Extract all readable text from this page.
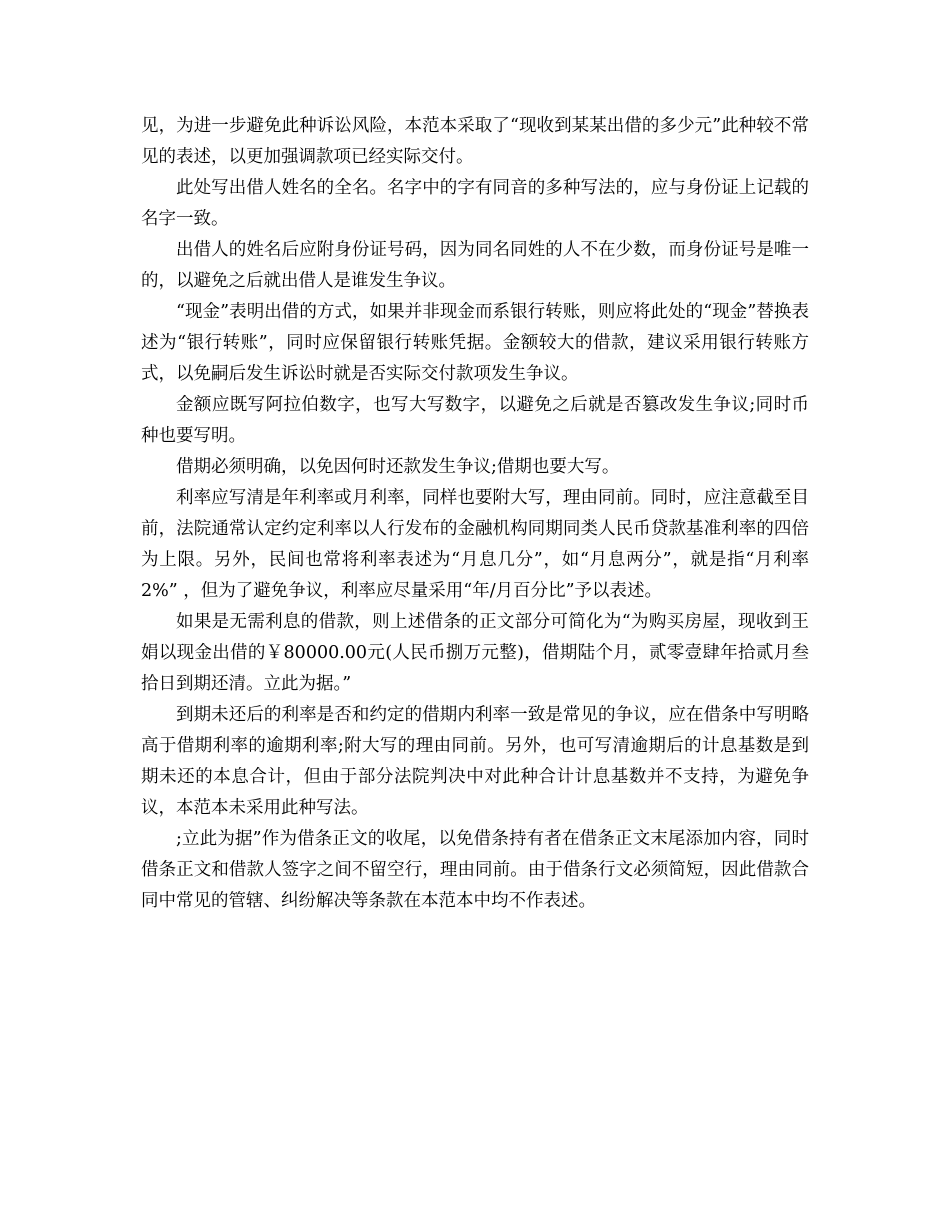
见，为进一步避免此种诉讼风险，本范本采取了“现收到某某出借的多少元”此种较不常见的表述，以更加强调款项已经实际交付。

此处写出借人姓名的全名。名字中的字有同音的多种写法的，应与身份证上记载的名字一致。

出借人的姓名后应附身份证号码，因为同名同姓的人不在少数，而身份证号是唯一的，以避免之后就出借人是谁发生争议。

“现金”表明出借的方式，如果并非现金而系银行转账，则应将此处的“现金”替换表述为“银行转账”，同时应保留银行转账凭据。金额较大的借款，建议采用银行转账方式，以免嗣后发生诉讼时就是否实际交付款项发生争议。

金额应既写阿拉伯数字，也写大写数字，以避免之后就是否篡改发生争议;同时币种也要写明。

借期必须明确，以免因何时还款发生争议;借期也要大写。

利率应写清是年利率或月利率，同样也要附大写，理由同前。同时，应注意截至目前，法院通常认定约定利率以人行发布的金融机构同期同类人民币贷款基准利率的四倍为上限。另外，民间也常将利率表述为“月息几分”，如“月息两分”，就是指“月利率 2%” ，但为了避免争议，利率应尽量采用“年/月百分比”予以表述。

如果是无需利息的借款，则上述借条的正文部分可简化为“为购买房屋，现收到王娟以现金出借的￥80000.00元(人民币捌万元整)，借期陆个月，贰零壹肆年拾贰月叁拾日到期还清。立此为据。”

到期未还后的利率是否和约定的借期内利率一致是常见的争议，应在借条中写明略高于借期利率的逾期利率;附大写的理由同前。另外，也可写清逾期后的计息基数是到期未还的本息合计，但由于部分法院判决中对此种合计计息基数并不支持，为避免争议，本范本未采用此种写法。

;立此为据”作为借条正文的收尾，以免借条持有者在借条正文末尾添加内容，同时借条正文和借款人签字之间不留空行，理由同前。由于借条行文必须简短，因此借款合同中常见的管辖、纠纷解决等条款在本范本中均不作表述。
